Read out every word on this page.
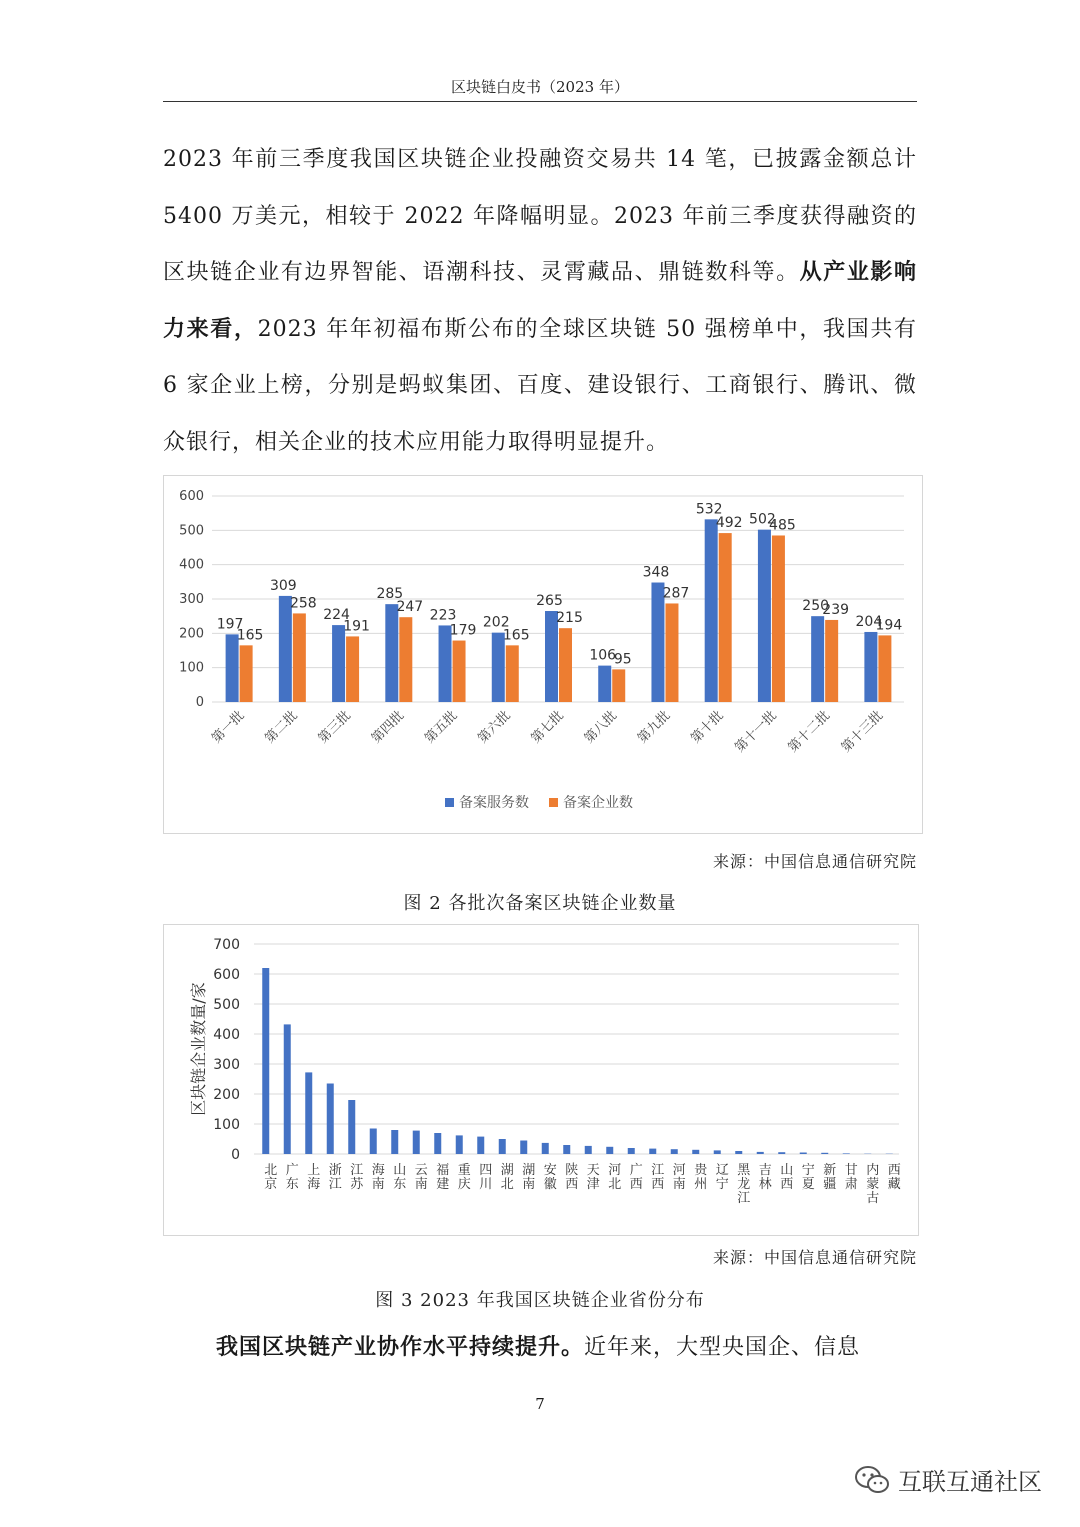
区块链白皮书（2023 年）

2023 年前三季度我国区块链企业投融资交易共 14 笔，已披露金额总计 5400 万美元，相较于 2022 年降幅明显。2023 年前三季度获得融资的区块链企业有边界智能、语潮科技、灵霄藏品、鼎链数科等。从产业影响力来看，2023 年年初福布斯公布的全球区块链 50 强榜单中，我国共有 6 家企业上榜，分别是蚂蚁集团、百度、建设银行、工商银行、腾讯、微众银行，相关企业的技术应用能力取得明显提升。

0
100
200
300
400
500
600
197
165
第一批
309
258
第二批
224
191
第三批
285
247
第四批
223
179
第五批
202
165
第六批
265
215
第七批
106
95
第八批
348
287
第九批
532
492
第十批
502
485
第十一批
250
239
第十二批
204
194
第十三批
备案服务数 备案企业数
来源：中国信息通信研究院
图 2 各批次备案区块链企业数量
0
100
200
300
400
500
600
700
区块链企业数量/家
北京
广东
上海
浙江
江苏
海南
山东
云南
福建
重庆
四川
湖北
湖南
安徽
陕西
天津
河北
广西
江西
河南
贵州
辽宁
黑龙江
吉林
山西
宁夏
新疆
甘肃
内蒙古
西藏
来源：中国信息通信研究院
图 3 2023 年我国区块链企业省份分布

我国区块链产业协作水平持续提升。近年来，大型央国企、信息

7
互联互通社区
